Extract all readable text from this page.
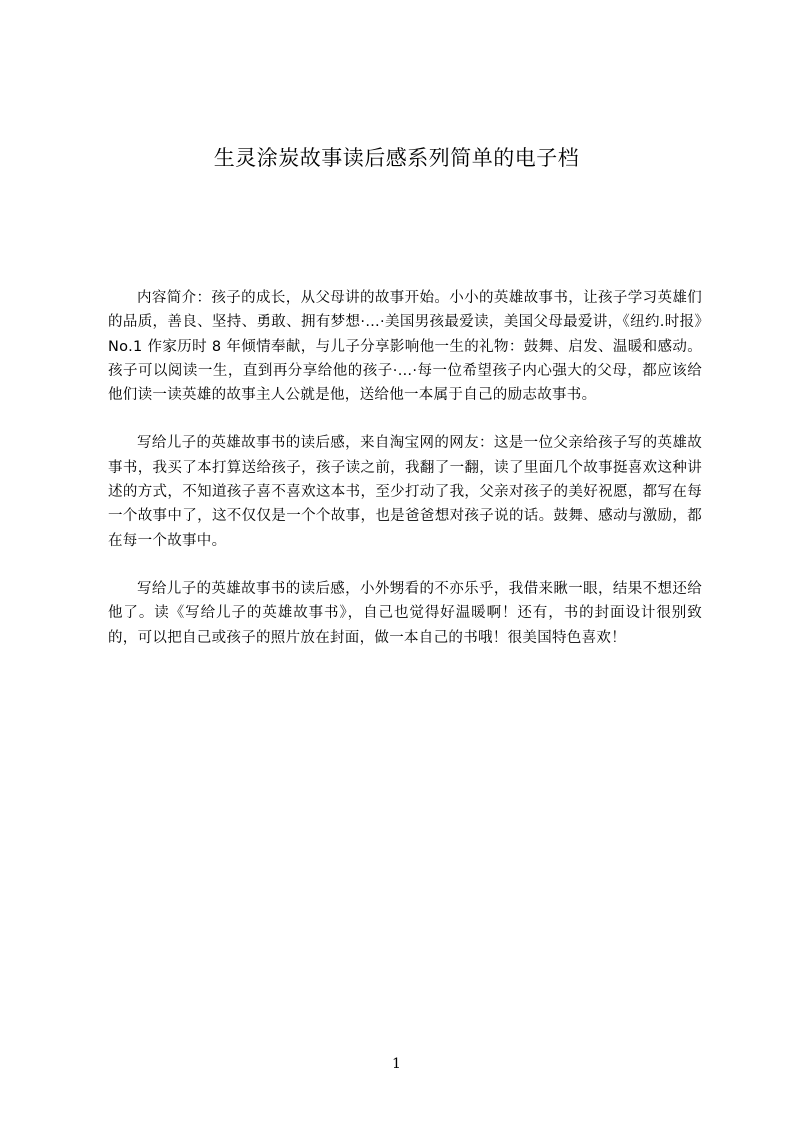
生灵涂炭故事读后感系列简单的电子档

内容简介：孩子的成长，从父母讲的故事开始。小小的英雄故事书，让孩子学习英雄们的品质，善良、坚持、勇敢、拥有梦想·…·美国男孩最爱读，美国父母最爱讲，《纽约.时报》No.1 作家历时 8 年倾情奉献，与儿子分享影响他一生的礼物：鼓舞、启发、温暖和感动。孩子可以阅读一生，直到再分享给他的孩子·…·每一位希望孩子内心强大的父母，都应该给他们读一读英雄的故事主人公就是他，送给他一本属于自己的励志故事书。

写给儿子的英雄故事书的读后感，来自淘宝网的网友：这是一位父亲给孩子写的英雄故事书，我买了本打算送给孩子，孩子读之前，我翻了一翻，读了里面几个故事挺喜欢这种讲述的方式，不知道孩子喜不喜欢这本书，至少打动了我，父亲对孩子的美好祝愿，都写在每一个故事中了，这不仅仅是一个个故事，也是爸爸想对孩子说的话。鼓舞、感动与激励，都在每一个故事中。

写给儿子的英雄故事书的读后感，小外甥看的不亦乐乎，我借来瞅一眼，结果不想还给他了。读《写给儿子的英雄故事书》，自己也觉得好温暖啊！还有，书的封面设计很别致的，可以把自己或孩子的照片放在封面，做一本自己的书哦！很美国特色喜欢！

1
